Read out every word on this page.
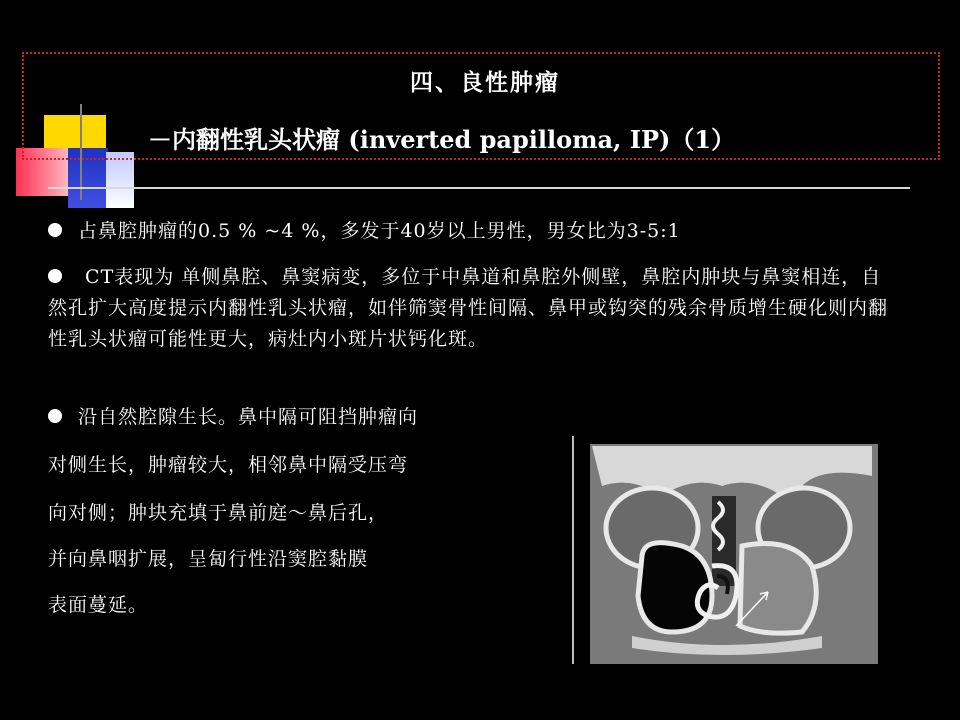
四、良性肿瘤
－内翻性乳头状瘤 (inverted papilloma, IP)（1）
占鼻腔肿瘤的0.5 % ~4 %，多发于40岁以上男性，男女比为3-5:1
CT表现为 单侧鼻腔、鼻窦病变，多位于中鼻道和鼻腔外侧壁，鼻腔内肿块与鼻窦相连，自然孔扩大高度提示内翻性乳头状瘤，如伴筛窦骨性间隔、鼻甲或钩突的残余骨质增生硬化则内翻性乳头状瘤可能性更大，病灶内小斑片状钙化斑。
沿自然腔隙生长。鼻中隔可阻挡肿瘤向
对侧生长，肿瘤较大，相邻鼻中隔受压弯
向对侧；肿块充填于鼻前庭～鼻后孔，
并向鼻咽扩展，呈匐行性沿窦腔黏膜
表面蔓延。
